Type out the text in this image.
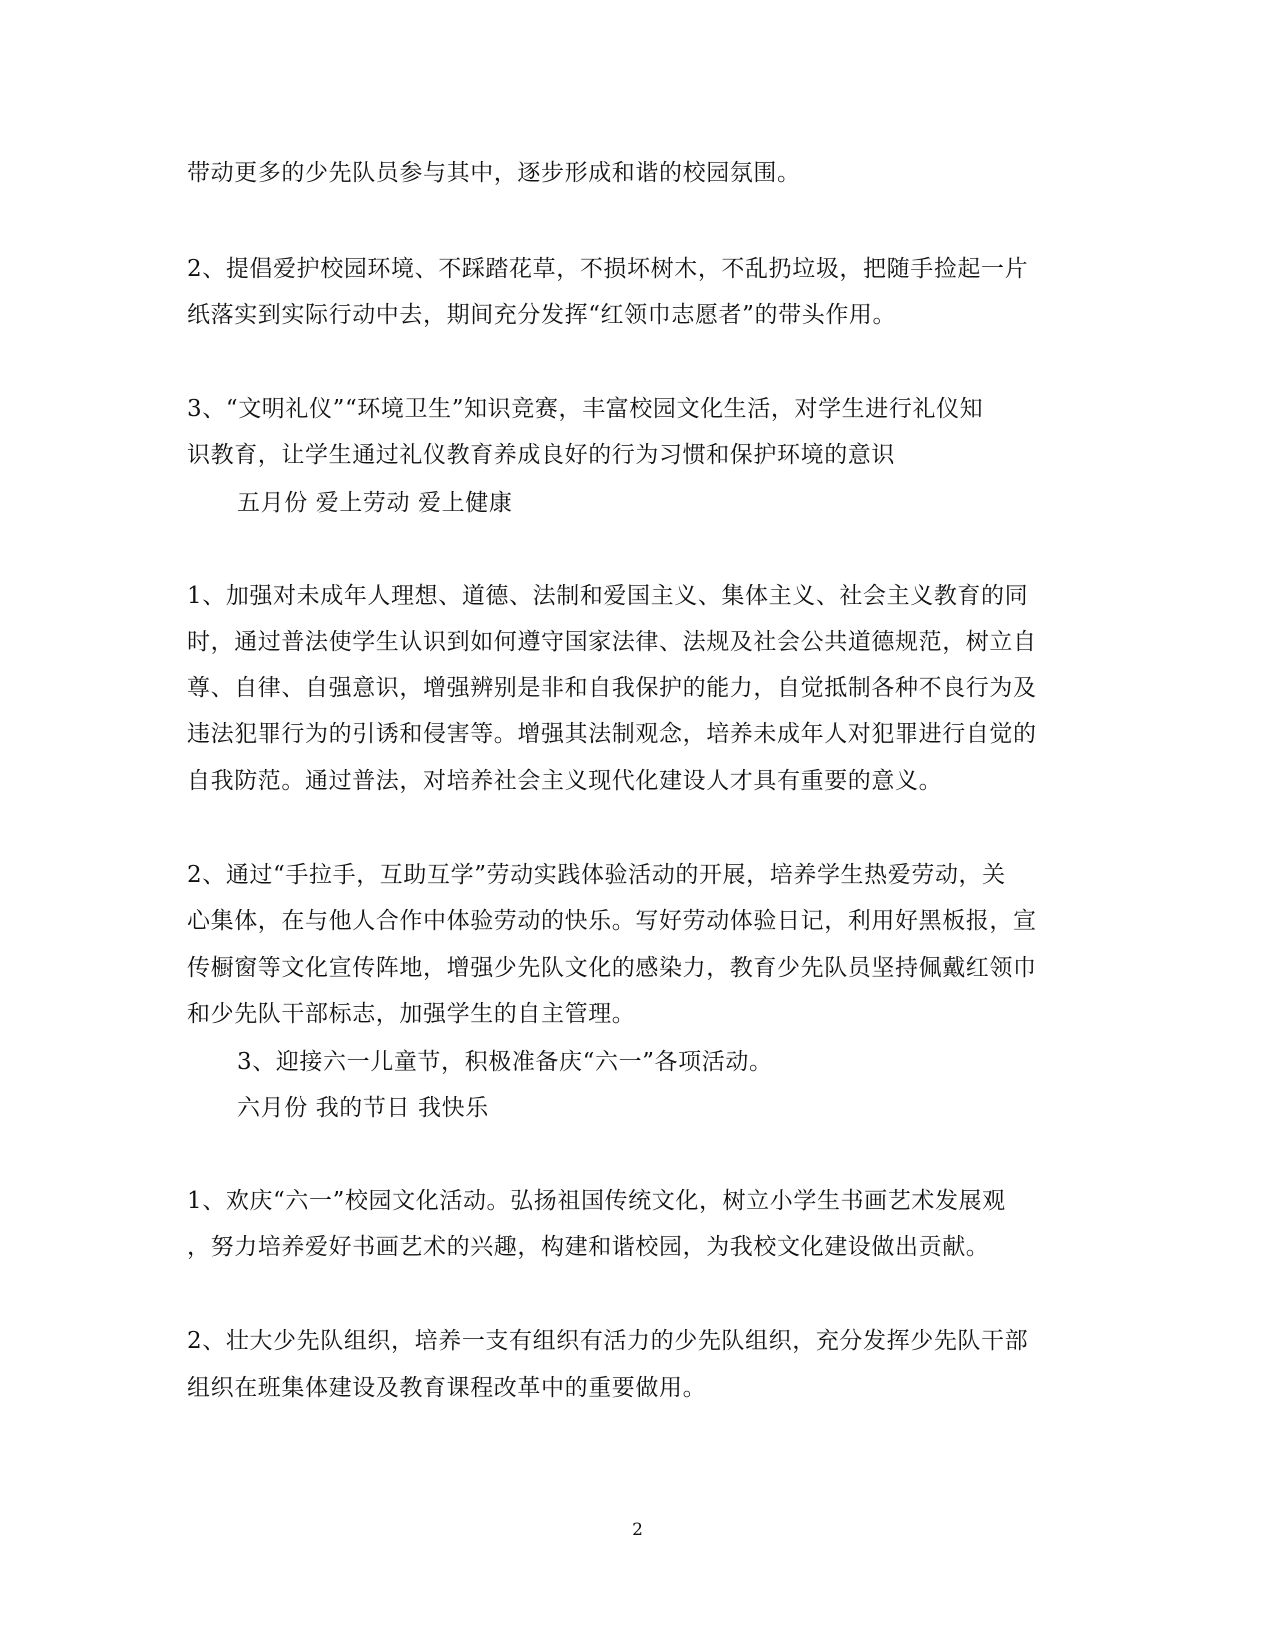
带动更多的少先队员参与其中，逐步形成和谐的校园氛围。
2、提倡爱护校园环境、不踩踏花草，不损坏树木，不乱扔垃圾，把随手捡起一片
纸落实到实际行动中去，期间充分发挥“红领巾志愿者”的带头作用。
3、“文明礼仪”“环境卫生”知识竞赛，丰富校园文化生活，对学生进行礼仪知
识教育，让学生通过礼仪教育养成良好的行为习惯和保护环境的意识
五月份 爱上劳动 爱上健康
1、加强对未成年人理想、道德、法制和爱国主义、集体主义、社会主义教育的同
时，通过普法使学生认识到如何遵守国家法律、法规及社会公共道德规范，树立自
尊、自律、自强意识，增强辨别是非和自我保护的能力，自觉抵制各种不良行为及
违法犯罪行为的引诱和侵害等。增强其法制观念，培养未成年人对犯罪进行自觉的
自我防范。通过普法，对培养社会主义现代化建设人才具有重要的意义。
2、通过“手拉手，互助互学”劳动实践体验活动的开展，培养学生热爱劳动，关
心集体，在与他人合作中体验劳动的快乐。写好劳动体验日记，利用好黑板报，宣
传橱窗等文化宣传阵地，增强少先队文化的感染力，教育少先队员坚持佩戴红领巾
和少先队干部标志，加强学生的自主管理。
3、迎接六一儿童节，积极准备庆“六一”各项活动。
六月份 我的节日 我快乐
1、欢庆“六一”校园文化活动。弘扬祖国传统文化，树立小学生书画艺术发展观
，努力培养爱好书画艺术的兴趣，构建和谐校园，为我校文化建设做出贡献。
2、壮大少先队组织，培养一支有组织有活力的少先队组织，充分发挥少先队干部
组织在班集体建设及教育课程改革中的重要做用。
2
